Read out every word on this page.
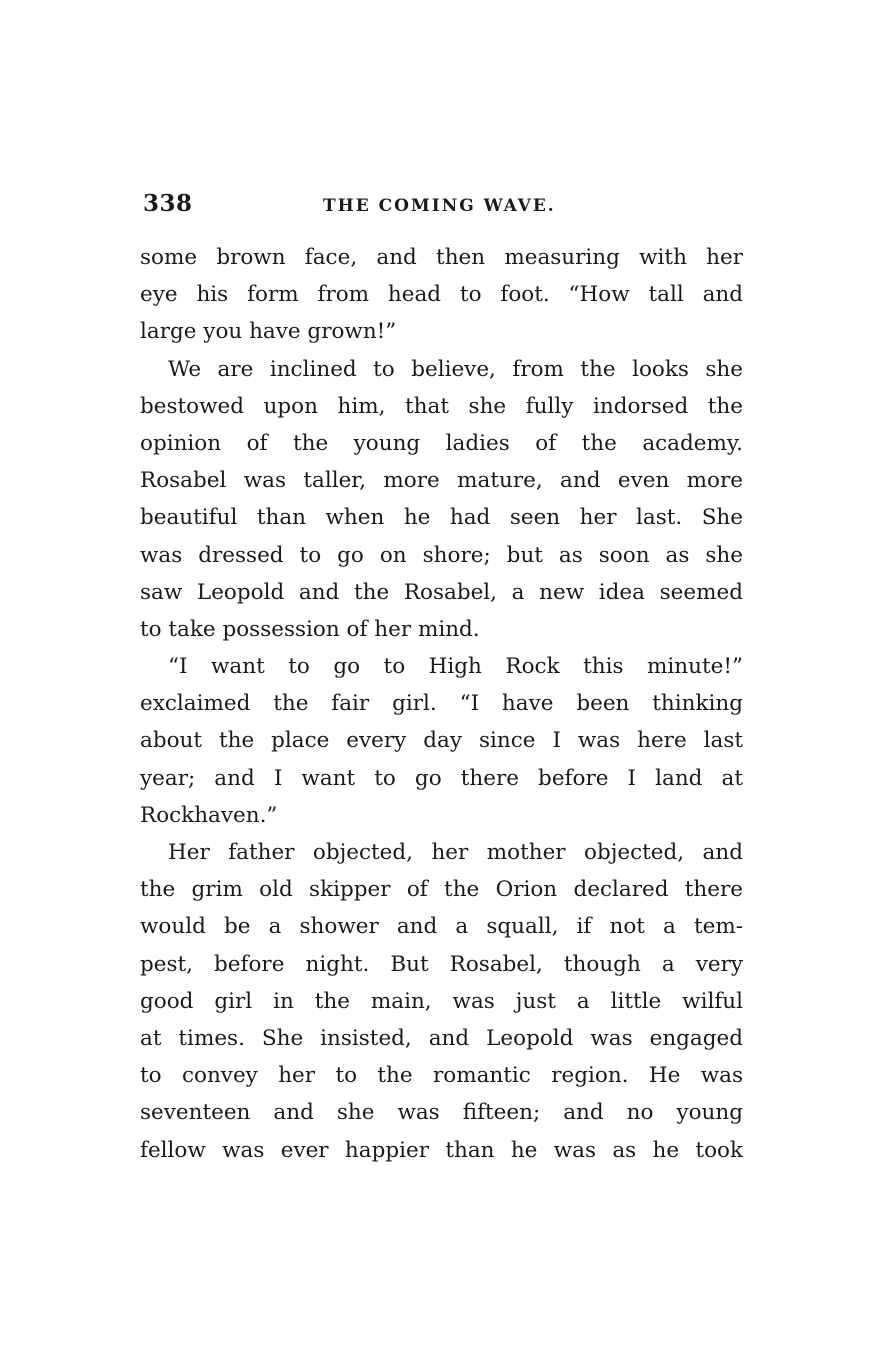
338	THE COMING WAVE.
some brown face, and then measuring with her
eye his form from head to foot. “How tall and
large you have grown!”
We are inclined to believe, from the looks she
bestowed upon him, that she fully indorsed the
opinion of the young ladies of the academy.
Rosabel was taller, more mature, and even more
beautiful than when he had seen her last. She
was dressed to go on shore; but as soon as she
saw Leopold and the Rosabel, a new idea seemed
to take possession of her mind.
“I want to go to High Rock this minute!”
exclaimed the fair girl. “I have been thinking
about the place every day since I was here last
year; and I want to go there before I land at
Rockhaven.”
Her father objected, her mother objected, and
the grim old skipper of the Orion declared there
would be a shower and a squall, if not a tem-
pest, before night. But Rosabel, though a very
good girl in the main, was just a little wilful
at times. She insisted, and Leopold was engaged
to convey her to the romantic region. He was
seventeen and she was fifteen; and no young
fellow was ever happier than he was as he took
